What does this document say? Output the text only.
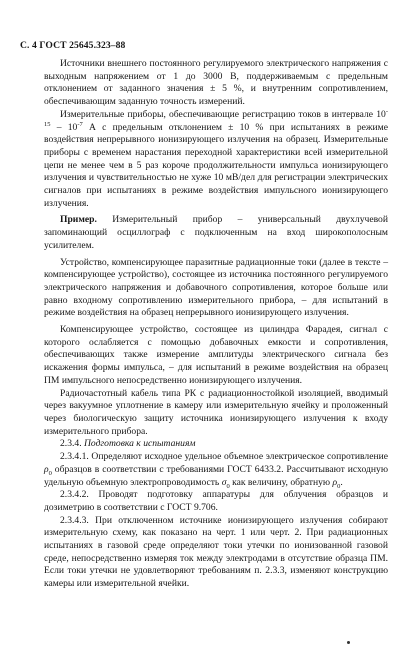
С. 4 ГОСТ 25645.323–88

Источники внешнего постоянного регулируемого электрического напряжения с выходным напряжением от 1 до 3000 В, поддерживаемым с предельным отклонением от заданного значения ± 5 %, и внутренним сопротивлением, обеспечивающим заданную точность измерений.

Измерительные приборы, обеспечивающие регистрацию токов в интервале $10^{-15} - 10^{-7}$ А с предельным отклонением ± 10 % при испытаниях в режиме воздействия непрерывного ионизирующего излучения на образец. Измерительные приборы с временем нарастания переходной характеристики всей измерительной цепи не менее чем в 5 раз короче продолжительности импульса ионизирующего излучения и чувствительностью не хуже 10 мВ/дел для регистрации электрических сигналов при испытаниях в режиме воздействия импульсного ионизирующего излучения.

Пример. Измерительный прибор – универсальный двухлучевой запоминающий осциллограф с подключенным на вход широкополосным усилителем.

Устройство, компенсирующее паразитные радиационные токи (далее в тексте – компенсирующее устройство), состоящее из источника постоянного регулируемого электрического напряжения и добавочного сопротивления, которое больше или равно входному сопротивлению измерительного прибора, – для испытаний в режиме воздействия на образец непрерывного ионизирующего излучения.

Компенсирующее устройство, состоящее из цилиндра Фарадея, сигнал с которого ослабляется с помощью добавочных емкости и сопротивления, обеспечивающих также измерение амплитуды электрического сигнала без искажения формы импульса, – для испытаний в режиме воздействия на образец ПМ импульсного непосредственно ионизирующего излучения.

Радиочастотный кабель типа РК с радиационностойкой изоляцией, вводимый через вакуумное уплотнение в камеру или измерительную ячейку и проложенный через биологическую защиту источника ионизирующего излучения к входу измерительного прибора.

2.3.4. Подготовка к испытаниям

2.3.4.1. Определяют исходное удельное объемное электрическое сопротивление $\rho_0$ образцов в соответствии с требованиями ГОСТ 6433.2. Рассчитывают исходную удельную объемную электропроводимость $\sigma_0$ как величину, обратную $\rho_0$.

2.3.4.2. Проводят подготовку аппаратуры для облучения образцов и дозиметрию в соответствии с ГОСТ 9.706.

2.3.4.3. При отключенном источнике ионизирующего излучения собирают измерительную схему, как показано на черт. 1 или черт. 2. При радиационных испытаниях в газовой среде определяют токи утечки по ионизованной газовой среде, непосредственно измеряя ток между электродами в отсутствие образца ПМ. Если токи утечки не удовлетворяют требованиям п. 2.3.3, изменяют конструкцию камеры или измерительной ячейки.
